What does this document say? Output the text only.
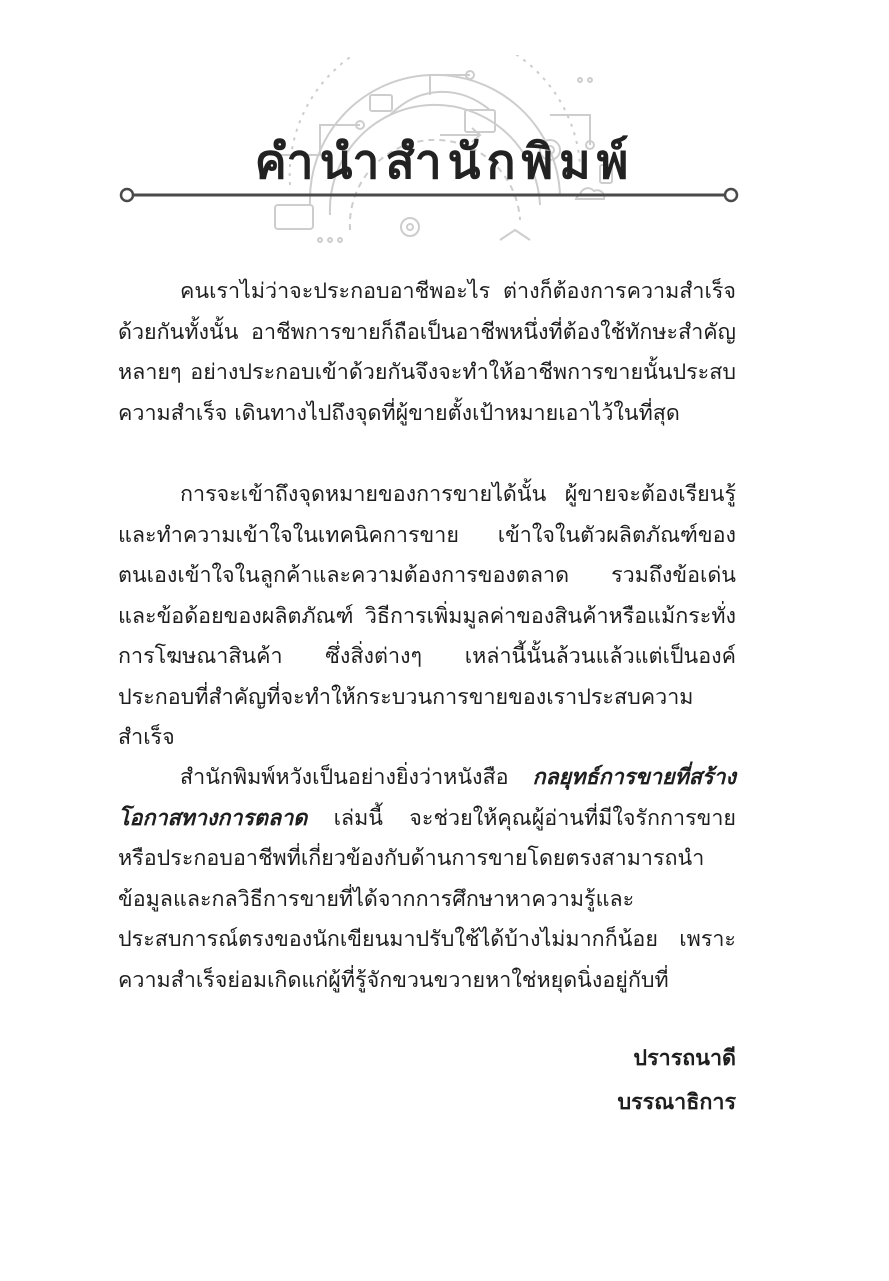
คำนำสำนักพิมพ์

คนเราไม่ว่าจะประกอบอาชีพอะไร ต่างก็ต้องการความสำเร็จด้วยกันทั้งนั้น อาชีพการขายก็ถือเป็นอาชีพหนึ่งที่ต้องใช้ทักษะสำคัญหลายๆ อย่างประกอบเข้าด้วยกันจึงจะทำให้อาชีพการขายนั้นประสบความสำเร็จ เดินทางไปถึงจุดที่ผู้ขายตั้งเป้าหมายเอาไว้ในที่สุด

การจะเข้าถึงจุดหมายของการขายได้นั้น ผู้ขายจะต้องเรียนรู้และทำความเข้าใจในเทคนิคการขาย เข้าใจในตัวผลิตภัณฑ์ของตนเองเข้าใจในลูกค้าและความต้องการของตลาด รวมถึงข้อเด่นและข้อด้อยของผลิตภัณฑ์ วิธีการเพิ่มมูลค่าของสินค้าหรือแม้กระทั่งการโฆษณาสินค้า ซึ่งสิ่งต่างๆ เหล่านี้นั้นล้วนแล้วแต่เป็นองค์ประกอบที่สำคัญที่จะทำให้กระบวนการขายของเราประสบความสำเร็จ

สำนักพิมพ์หวังเป็นอย่างยิ่งว่าหนังสือ กลยุทธ์การขายที่สร้างโอกาสทางการตลาด เล่มนี้ จะช่วยให้คุณผู้อ่านที่มีใจรักการขาย หรือประกอบอาชีพที่เกี่ยวข้องกับด้านการขายโดยตรงสามารถนำข้อมูลและกลวิธีการขายที่ได้จากการศึกษาหาความรู้และประสบการณ์ตรงของนักเขียนมาปรับใช้ได้บ้างไม่มากก็น้อย เพราะความสำเร็จย่อมเกิดแก่ผู้ที่รู้จักขวนขวายหาใช่หยุดนิ่งอยู่กับที่

ปรารถนาดี
บรรณาธิการ
